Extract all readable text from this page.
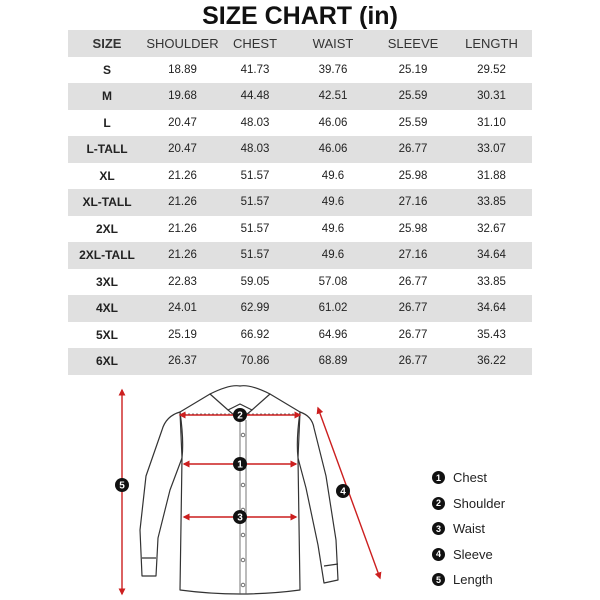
SIZE CHART (in)
SIZE	SHOULDER	CHEST	WAIST	SLEEVE	LENGTH
S	18.89	41.73	39.76	25.19	29.52
M	19.68	44.48	42.51	25.59	30.31
L	20.47	48.03	46.06	25.59	31.10
L-TALL	20.47	48.03	46.06	26.77	33.07
XL	21.26	51.57	49.6	25.98	31.88
XL-TALL	21.26	51.57	49.6	27.16	33.85
2XL	21.26	51.57	49.6	25.98	32.67
2XL-TALL	21.26	51.57	49.6	27.16	34.64
3XL	22.83	59.05	57.08	26.77	33.85
4XL	24.01	62.99	61.02	26.77	34.64
5XL	25.19	66.92	64.96	26.77	35.43
6XL	26.37	70.86	68.89	26.77	36.22
2
1
3
4
5
1 Chest
2 Shoulder
3 Waist
4 Sleeve
5 Length
